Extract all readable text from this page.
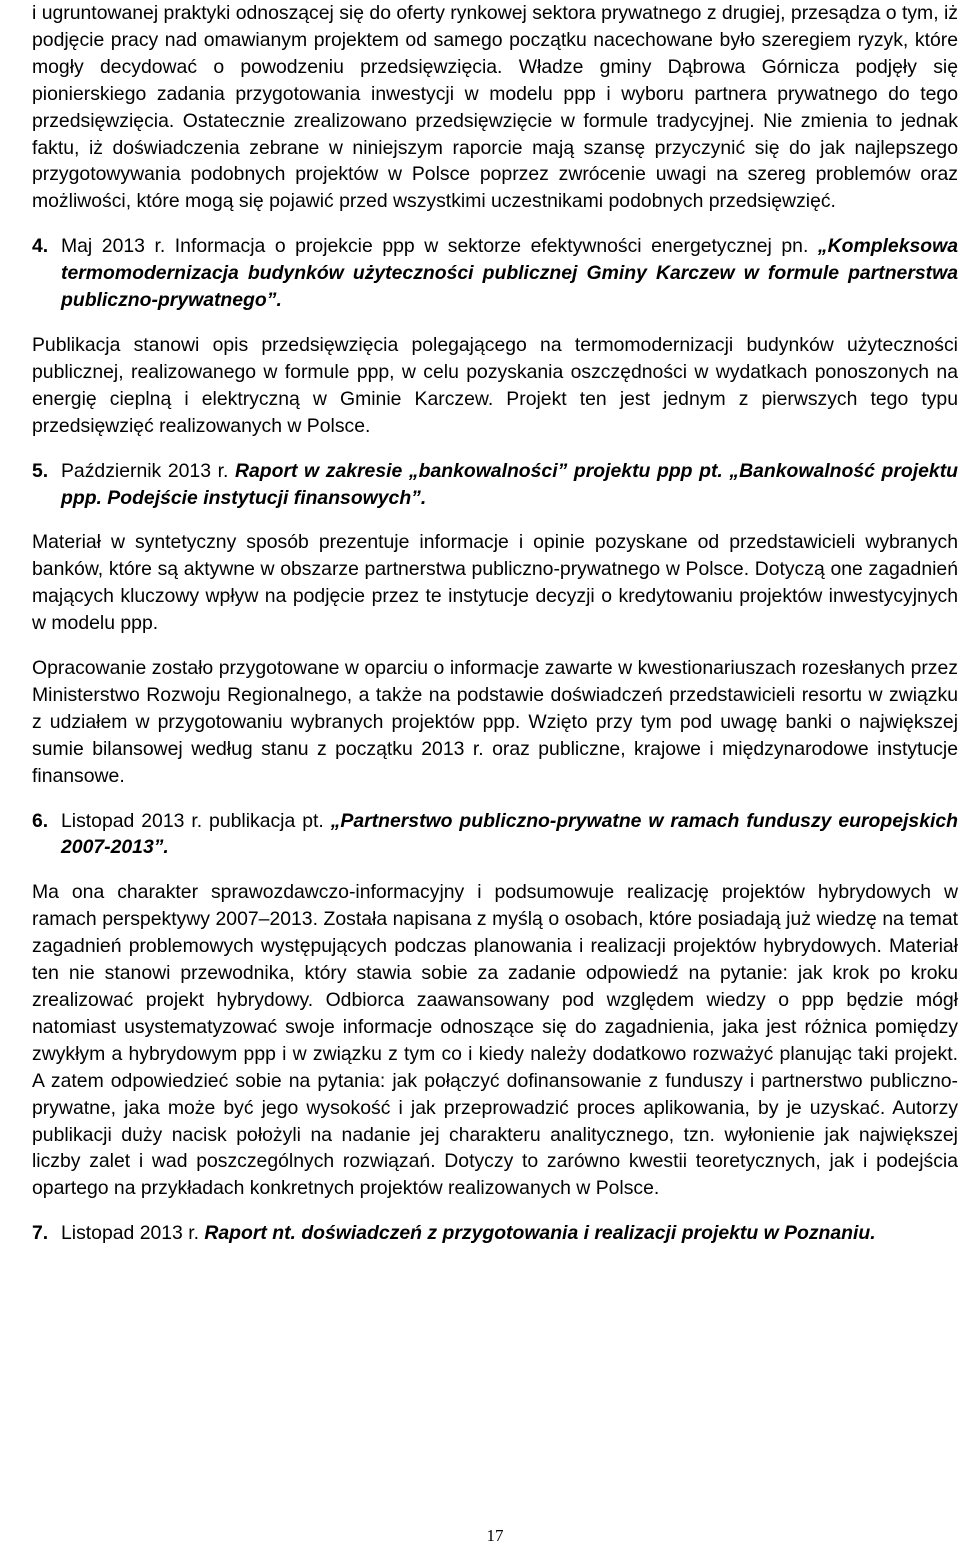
i ugruntowanej praktyki odnoszącej się do oferty rynkowej sektora prywatnego z drugiej, przesądza o tym, iż podjęcie pracy nad omawianym projektem od samego początku nacechowane było szeregiem ryzyk, które mogły decydować o powodzeniu przedsięwzięcia. Władze gminy Dąbrowa Górnicza podjęły się pionierskiego zadania przygotowania inwestycji w modelu ppp i wyboru partnera prywatnego do tego przedsięwzięcia. Ostatecznie zrealizowano przedsięwzięcie w formule tradycyjnej. Nie zmienia to jednak faktu, iż doświadczenia zebrane w niniejszym raporcie mają szansę przyczynić się do jak najlepszego przygotowywania podobnych projektów w Polsce poprzez zwrócenie uwagi na szereg problemów oraz możliwości, które mogą się pojawić przed wszystkimi uczestnikami podobnych przedsięwzięć.

4. Maj 2013 r. Informacja o projekcie ppp w sektorze efektywności energetycznej pn. „Kompleksowa termomodernizacja budynków użyteczności publicznej Gminy Karczew w formule partnerstwa publiczno-prywatnego”.

Publikacja stanowi opis przedsięwzięcia polegającego na termomodernizacji budynków użyteczności publicznej, realizowanego w formule ppp, w celu pozyskania oszczędności w wydatkach ponoszonych na energię cieplną i elektryczną w Gminie Karczew. Projekt ten jest jednym z pierwszych tego typu przedsięwzięć realizowanych w Polsce.

5. Październik 2013 r. Raport w zakresie „bankowalności” projektu ppp pt. „Bankowalność projektu ppp. Podejście instytucji finansowych”.

Materiał w syntetyczny sposób prezentuje informacje i opinie pozyskane od przedstawicieli wybranych banków, które są aktywne w obszarze partnerstwa publiczno-prywatnego w Polsce. Dotyczą one zagadnień mających kluczowy wpływ na podjęcie przez te instytucje decyzji o kredytowaniu projektów inwestycyjnych w modelu ppp.

Opracowanie zostało przygotowane w oparciu o informacje zawarte w kwestionariuszach rozesłanych przez Ministerstwo Rozwoju Regionalnego, a także na podstawie doświadczeń przedstawicieli resortu w związku z udziałem w przygotowaniu wybranych projektów ppp. Wzięto przy tym pod uwagę banki o największej sumie bilansowej według stanu z początku 2013 r. oraz publiczne, krajowe i międzynarodowe instytucje finansowe.

6. Listopad 2013 r. publikacja pt. „Partnerstwo publiczno-prywatne w ramach funduszy europejskich 2007-2013”.

Ma ona charakter sprawozdawczo-informacyjny i podsumowuje realizację projektów hybrydowych w ramach perspektywy 2007–2013. Została napisana z myślą o osobach, które posiadają już wiedzę na temat zagadnień problemowych występujących podczas planowania i realizacji projektów hybrydowych. Materiał ten nie stanowi przewodnika, który stawia sobie za zadanie odpowiedź na pytanie: jak krok po kroku zrealizować projekt hybrydowy. Odbiorca zaawansowany pod względem wiedzy o ppp będzie mógł natomiast usystematyzować swoje informacje odnoszące się do zagadnienia, jaka jest różnica pomiędzy zwykłym a hybrydowym ppp i w związku z tym co i kiedy należy dodatkowo rozważyć planując taki projekt. A zatem odpowiedzieć sobie na pytania: jak połączyć dofinansowanie z funduszy i partnerstwo publiczno-prywatne, jaka może być jego wysokość i jak przeprowadzić proces aplikowania, by je uzyskać. Autorzy publikacji duży nacisk położyli na nadanie jej charakteru analitycznego, tzn. wyłonienie jak największej liczby zalet i wad poszczególnych rozwiązań. Dotyczy to zarówno kwestii teoretycznych, jak i podejścia opartego na przykładach konkretnych projektów realizowanych w Polsce.

7. Listopad 2013 r. Raport nt. doświadczeń z przygotowania i realizacji projektu w Poznaniu.
17
